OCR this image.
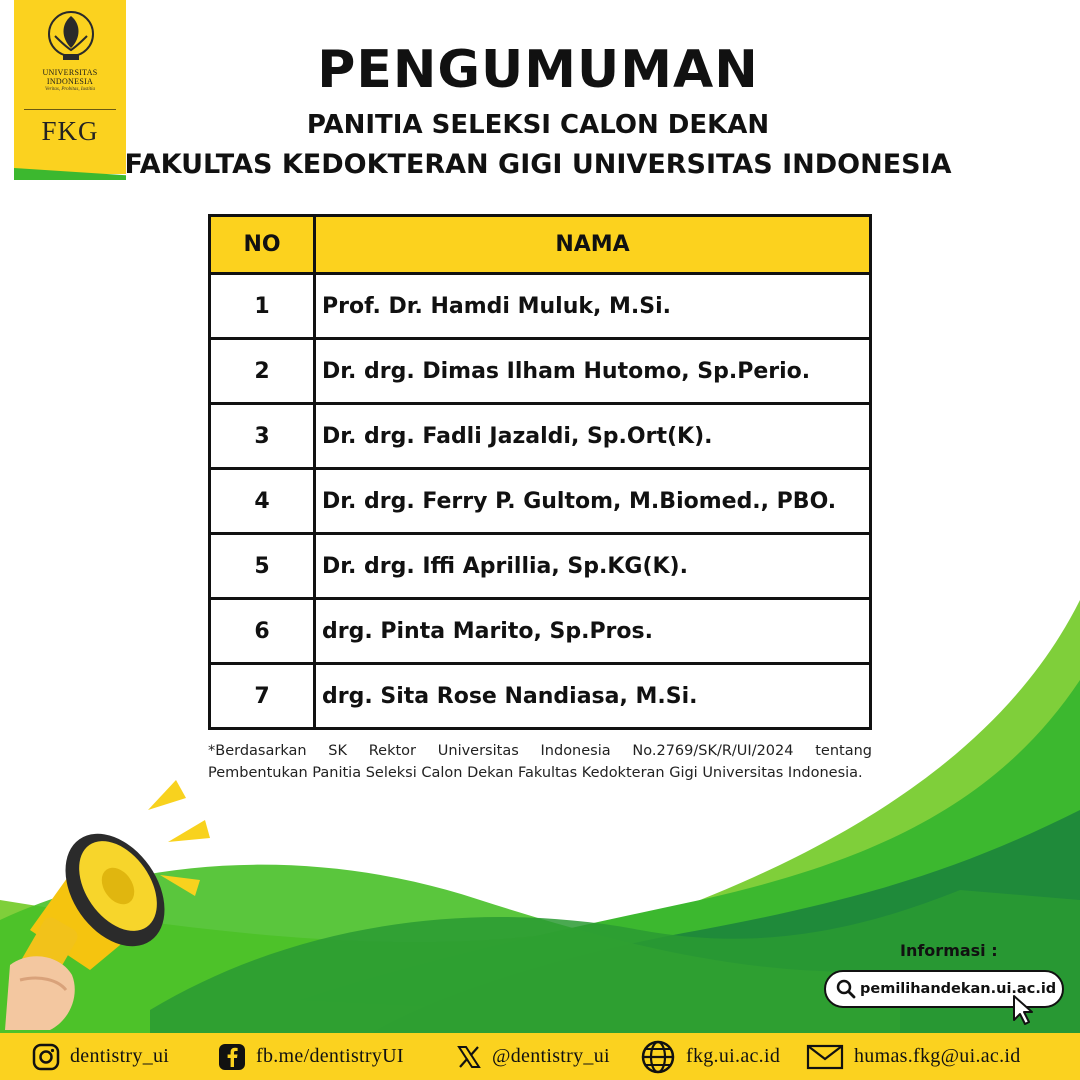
UNIVERSITAS
INDONESIA
Veritas, Probitas, Iustitia
FKG
PENGUMUMAN
PANITIA SELEKSI CALON DEKAN
FAKULTAS KEDOKTERAN GIGI UNIVERSITAS INDONESIA
NO	NAMA
1	Prof. Dr. Hamdi Muluk, M.Si.
2	Dr. drg. Dimas Ilham Hutomo, Sp.Perio.
3	Dr. drg. Fadli Jazaldi, Sp.Ort(K).
4	Dr. drg. Ferry P. Gultom, M.Biomed., PBO.
5	Dr. drg. Iffi Aprillia, Sp.KG(K).
6	drg. Pinta Marito, Sp.Pros.
7	drg. Sita Rose Nandiasa, M.Si.
*Berdasarkan SK Rektor Universitas Indonesia No.2769/SK/R/UI/2024 tentang Pembentukan Panitia Seleksi Calon Dekan Fakultas Kedokteran Gigi Universitas Indonesia.
Informasi :
pemilihandekan.ui.ac.id
dentistry_ui	fb.me/dentistryUI	@dentistry_ui	fkg.ui.ac.id	humas.fkg@ui.ac.id
